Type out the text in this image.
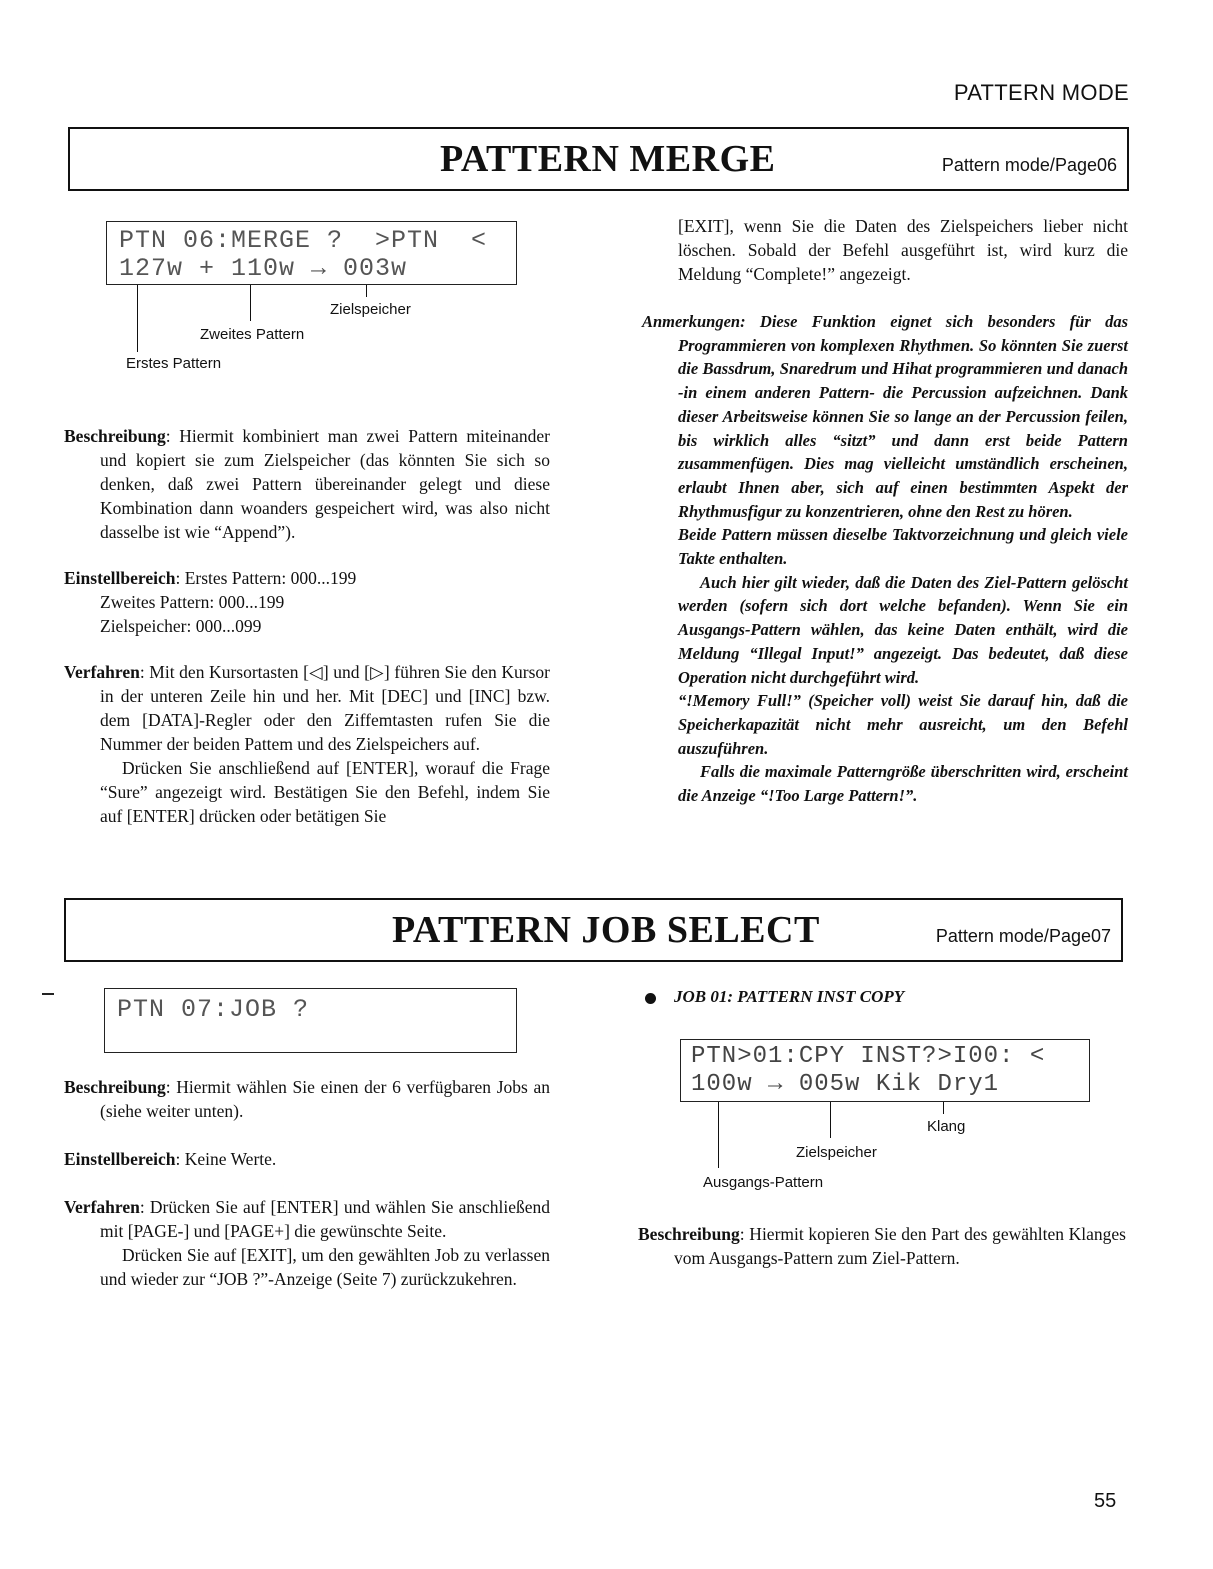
PATTERN MODE
PATTERN MERGE	Pattern mode/Page06
PTN 06:MERGE ?  >PTN  <
127w + 110w → 003w
Zielspeicher
Zweites Pattern
Erstes Pattern

Beschreibung: Hiermit kombiniert man zwei Pattern miteinander und kopiert sie zum Zielspeicher (das könnten Sie sich so denken, daß zwei Pattern übereinander gelegt und diese Kombination dann woanders gespeichert wird, was also nicht dasselbe ist wie “Append”).

Einstellbereich: Erstes Pattern: 000...199

Zweites Pattern: 000...199

Zielspeicher: 000...099

Verfahren: Mit den Kursortasten [◁] und [▷] führen Sie den Kursor in der unteren Zeile hin und her. Mit [DEC] und [INC] bzw. dem [DATA]-Regler oder den Ziffemtasten rufen Sie die Nummer der beiden Pattem und des Zielspeichers auf.

Drücken Sie anschließend auf [ENTER], worauf die Frage “Sure” angezeigt wird. Bestätigen Sie den Befehl, indem Sie auf [ENTER] drücken oder betätigen Sie

[EXIT], wenn Sie die Daten des Zielspeichers lieber nicht löschen. Sobald der Befehl ausgeführt ist, wird kurz die Meldung “Complete!” angezeigt.

Anmerkungen: Diese Funktion eignet sich besonders für das Programmieren von komplexen Rhythmen. So könnten Sie zuerst die Bassdrum, Snaredrum und Hihat programmieren und danach -in einem anderen Pattern- die Percussion aufzeichnen. Dank dieser Arbeitsweise können Sie so lange an der Percussion feilen, bis wirklich alles “sitzt” und dann erst beide Pattern zusammenfügen. Dies mag vielleicht umständlich erscheinen, erlaubt Ihnen aber, sich auf einen bestimmten Aspekt der Rhythmusfigur zu konzentrieren, ohne den Rest zu hören.

Beide Pattern müssen dieselbe Taktvorzeichnung und gleich viele Takte enthalten.

Auch hier gilt wieder, daß die Daten des Ziel-Pattern gelöscht werden (sofern sich dort welche befanden). Wenn Sie ein Ausgangs-Pattern wählen, das keine Daten enthält, wird die Meldung “Illegal Input!” angezeigt. Das bedeutet, daß diese Operation nicht durchgeführt wird.

“!Memory Full!” (Speicher voll) weist Sie darauf hin, daß die Speicherkapazität nicht mehr ausreicht, um den Befehl auszuführen.

Falls die maximale Patterngröße überschritten wird, erscheint die Anzeige “!Too Large Pattern!”.

PATTERN JOB SELECT	Pattern mode/Page07
PTN 07:JOB ?

Beschreibung: Hiermit wählen Sie einen der 6 verfügbaren Jobs an (siehe weiter unten).

Einstellbereich: Keine Werte.

Verfahren: Drücken Sie auf [ENTER] und wählen Sie anschließend mit [PAGE-] und [PAGE+] die gewünschte Seite.

Drücken Sie auf [EXIT], um den gewählten Job zu verlassen und wieder zur “JOB ?”-Anzeige (Seite 7) zurückzukehren.

JOB 01: PATTERN INST COPY
PTN>01:CPY INST?>I00: <
100w → 005w Kik Dry1
Klang
Zielspeicher
Ausgangs-Pattern

Beschreibung: Hiermit kopieren Sie den Part des gewählten Klanges vom Ausgangs-Pattern zum Ziel-Pattern.

55
